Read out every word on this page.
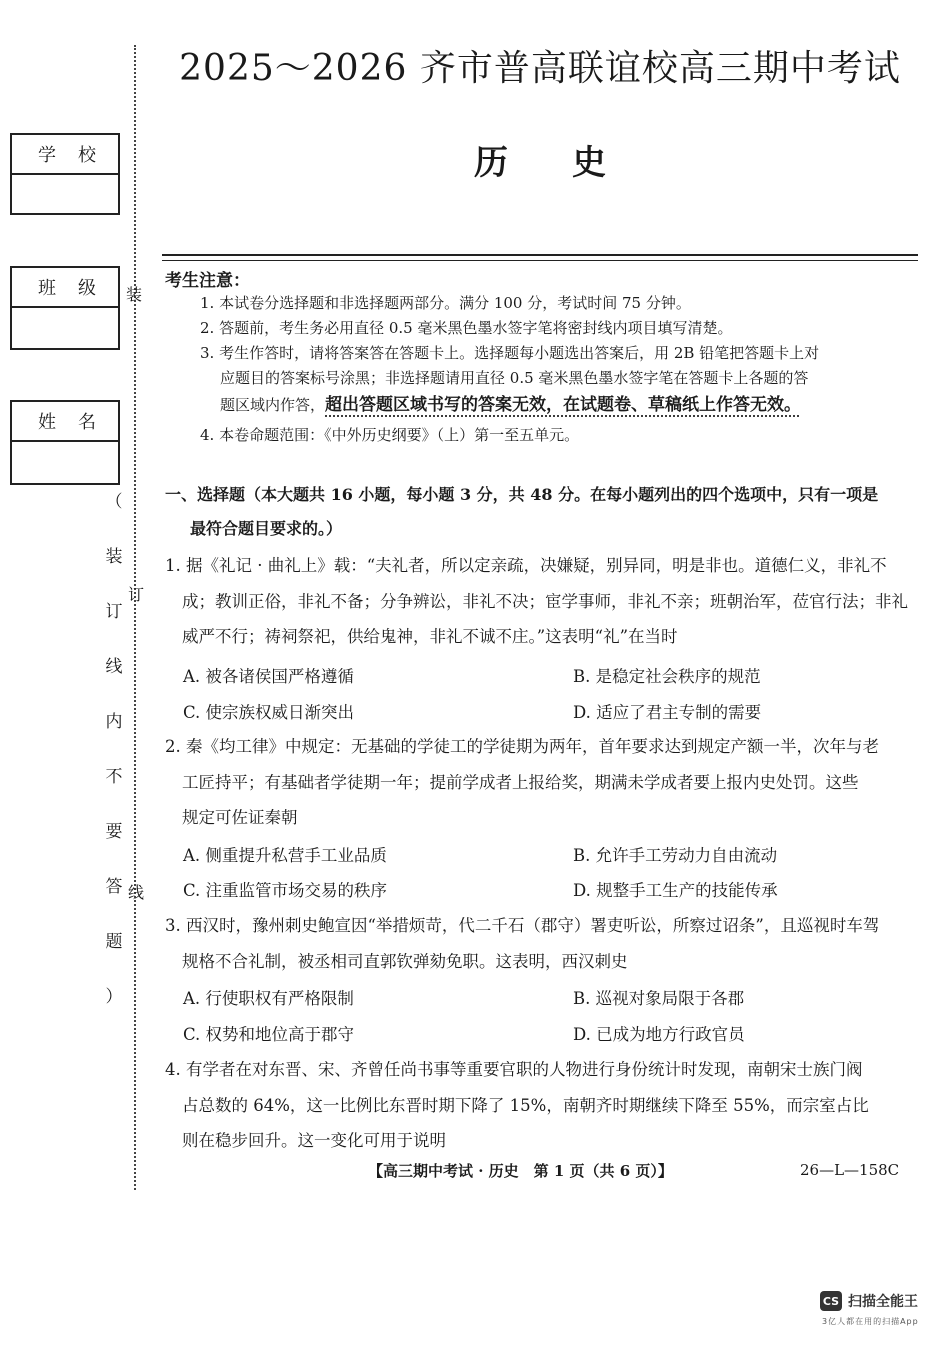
学校
班级
姓名
装
订
线
（
装
订
线
内
不
要
答
题
）
2025～2026 齐市普高联谊校高三期中考试
历史
考生注意：
1. 本试卷分选择题和非选择题两部分。满分 100 分，考试时间 75 分钟。
2. 答题前，考生务必用直径 0.5 毫米黑色墨水签字笔将密封线内项目填写清楚。
3. 考生作答时，请将答案答在答题卡上。选择题每小题选出答案后，用 2B 铅笔把答题卡上对
应题目的答案标号涂黑；非选择题请用直径 0.5 毫米黑色墨水签字笔在答题卡上各题的答
题区域内作答，超出答题区域书写的答案无效，在试题卷、草稿纸上作答无效。
4. 本卷命题范围：《中外历史纲要》（上）第一至五单元。
一、选择题（本大题共 16 小题，每小题 3 分，共 48 分。在每小题列出的四个选项中，只有一项是
最符合题目要求的。）
1. 据《礼记 · 曲礼上》载：“夫礼者，所以定亲疏，决嫌疑，别异同，明是非也。道德仁义，非礼不
成；教训正俗，非礼不备；分争辨讼，非礼不决；宦学事师，非礼不亲；班朝治军，莅官行法；非礼
威严不行；祷祠祭祀，供给鬼神，非礼不诚不庄。”这表明“礼”在当时
A. 被各诸侯国严格遵循	B. 是稳定社会秩序的规范
C. 使宗族权威日渐突出	D. 适应了君主专制的需要
2. 秦《均工律》中规定：无基础的学徒工的学徒期为两年，首年要求达到规定产额一半，次年与老
工匠持平；有基础者学徒期一年；提前学成者上报给奖，期满未学成者要上报内史处罚。这些
规定可佐证秦朝
A. 侧重提升私营手工业品质	B. 允许手工劳动力自由流动
C. 注重监管市场交易的秩序	D. 规整手工生产的技能传承
3. 西汉时，豫州刺史鲍宣因“举措烦苛，代二千石（郡守）署吏听讼，所察过诏条”，且巡视时车驾
规格不合礼制，被丞相司直郭钦弹劾免职。这表明，西汉刺史
A. 行使职权有严格限制	B. 巡视对象局限于各郡
C. 权势和地位高于郡守	D. 已成为地方行政官员
4. 有学者在对东晋、宋、齐曾任尚书事等重要官职的人物进行身份统计时发现，南朝宋士族门阀
占总数的 64%，这一比例比东晋时期下降了 15%，南朝齐时期继续下降至 55%，而宗室占比
则在稳步回升。这一变化可用于说明
【高三期中考试 · 历史　第 1 页（共 6 页）】	26—L—158C
CS 扫描全能王
3亿人都在用的扫描App
